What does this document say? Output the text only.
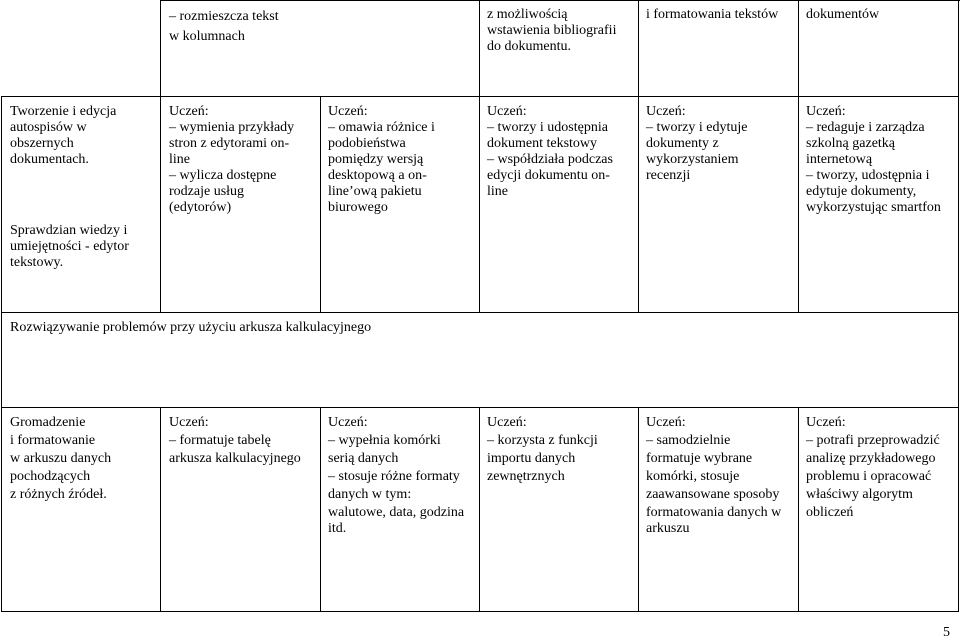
– rozmieszcza tekst
w kolumnach
z możliwością
wstawienia bibliografii
do dokumentu.
i formatowania tekstów dokumentów
Tworzenie i edycja
autospisów w
obszernych
dokumentach.
Sprawdzian wiedzy i
umiejętności - edytor
tekstowy.
Uczeń:
– wymienia przykłady
stron z edytorami on-
line
– wylicza dostępne
rodzaje usług
(edytorów)
Uczeń:
– omawia różnice i
podobieństwa
pomiędzy wersją
desktopową a on-
line’ową pakietu
biurowego
Uczeń:
– tworzy i udostępnia
dokument tekstowy
– współdziała podczas
edycji dokumentu on-
line
Uczeń:
– tworzy i edytuje
dokumenty z
wykorzystaniem
recenzji
Uczeń:
– redaguje i zarządza
szkolną gazetką
internetową
– tworzy, udostępnia i
edytuje dokumenty,
wykorzystując smartfon
Rozwiązywanie problemów przy użyciu arkusza kalkulacyjnego
Gromadzenie
i formatowanie
w arkuszu danych
pochodzących
z różnych źródeł.
Uczeń:
– formatuje tabelę
arkusza kalkulacyjnego
Uczeń:
– wypełnia komórki
serią danych
– stosuje różne formaty
danych w tym:
walutowe, data, godzina
itd.
Uczeń:
– korzysta z funkcji
importu danych
zewnętrznych
Uczeń:
– samodzielnie
formatuje wybrane
komórki, stosuje
zaawansowane sposoby
formatowania danych w
arkuszu
Uczeń:
– potrafi przeprowadzić
analizę przykładowego
problemu i opracować
właściwy algorytm
obliczeń
5
